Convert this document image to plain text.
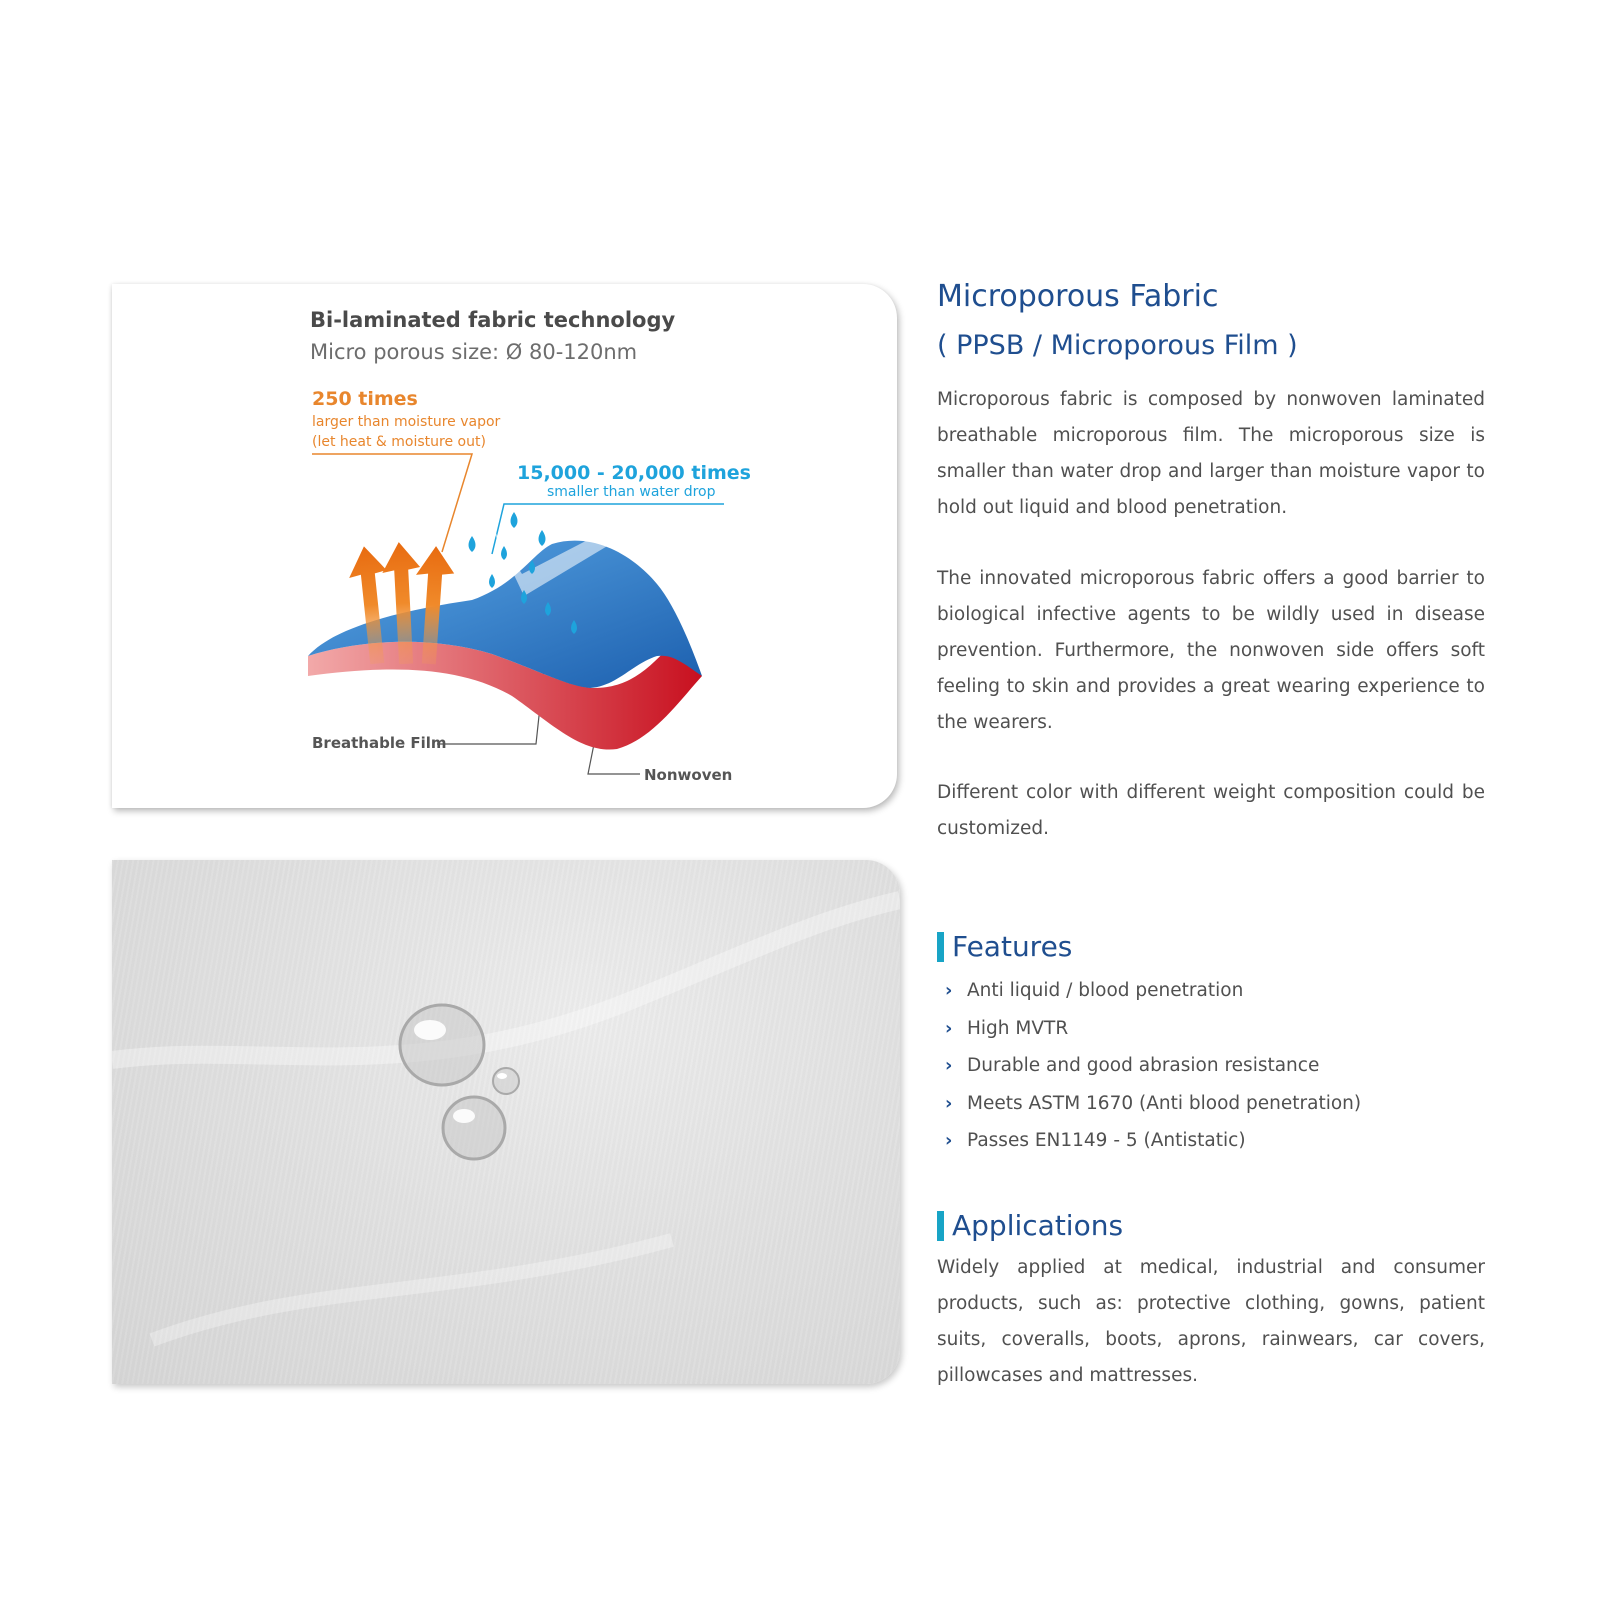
Bi-laminated fabric technology
Micro porous size: Ø 80-120nm
250 times
larger than moisture vapor
(let heat & moisture out)
15,000 - 20,000 times
smaller than water drop
Breathable Film
Nonwoven
Microporous Fabric
( PPSB / Microporous Film )

Microporous fabric is composed by nonwoven laminated breathable microporous film. The microporous size is smaller than water drop and larger than moisture vapor to hold out liquid and blood penetration.

The innovated microporous fabric offers a good barrier to biological infective agents to be wildly used in disease prevention. Furthermore, the nonwoven side offers soft feeling to skin and provides a great wearing experience to the wearers.

Different color with different weight composition could be customized.

Features
› Anti liquid / blood penetration
› High MVTR
› Durable and good abrasion resistance
› Meets ASTM 1670 (Anti blood penetration)
› Passes EN1149 - 5 (Antistatic)
Applications

Widely applied at medical, industrial and consumer products, such as: protective clothing, gowns, patient suits, coveralls, boots, aprons, rainwears, car covers, pillowcases and mattresses.
